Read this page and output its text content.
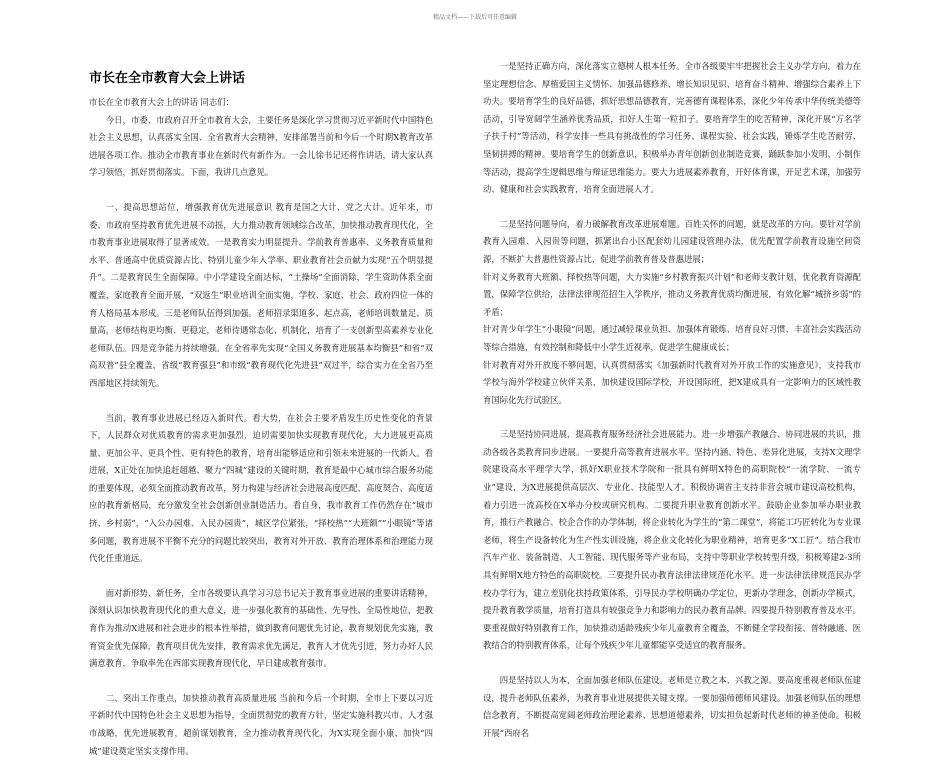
精品文档——下载后可任意编辑
市长在全市教育大会上讲话

市长在全市教育大会上的讲话 同志们：

今日，市委、市政府召开全市教育大会，主要任务是深化学习贯彻习近平新时代中国特色社会主义思想，认真落实全国、全省教育大会精神，安排部署当前和今后一个时期X教育改革进展各项工作。推动全市教育事业在新时代有新作为。一会儿徐书记还将作讲话，请大家认真学习领悟，抓好贯彻落实。下面，我讲几点意见。

一、提高思想站位，增强教育优先进展意识 教育是国之大计、党之大计。近年来，市委、市政府坚持教育优先进展不动摇，大力推动教育领域综合改革，加快推动教育现代化，全市教育事业进展取得了显著成效。一是教育实力明显提升。学前教育普惠率、义务教育质量和水平、普通高中优质资源占比、特别儿童少年入学率、职业教育社会贡献力实现“五个明显提升”。二是教育民生全面保障。中小学建设全面达标，“土操场”全面消除，学生资助体系全面覆盖，家庭教育全面开展，“双返生”职业培训全面实施，学校、家庭、社会、政府四位一体的育人格局基本形成。三是老师队伍得到加强。老师招录渠道多、起点高，老师培训数量足、质量高，老师结构更均衡、更稳定，老师待遇常态化、机制化，培育了一支创新型高素养专业化老师队伍。四是竞争能力持续增强。在全省率先实现“全国义务教育进展基本均衡县”和省“双高双普”县全覆盖，省级“教育强县”和市级“教育现代化先进县”双过半，综合实力在全省乃至西部地区持续领先。

当前，教育事业进展已经迈入新时代。看大势，在社会主要矛盾发生历史性变化的背景下，人民群众对优质教育的需求更加强烈，迫切需要加快实现教育现代化，大力进展更高质量、更加公平、更具个性、更有特色的教育，培育出能够适应和引领未来进展的一代新人。看进展，X正处在加快追赶超越、聚力“四城”建设的关键时期，教育是最中心城市综合服务功能的重要体现，必须全面推动教育改革，努力构建与经济社会进展高度匹配、高度契合、高度适应的教育新格局，充分激发全社会创新创业制造活力。看自身，我市教育工作仍然存在“城市挤、乡村弱”，“入公办园难、入民办园贵”，城区学位紧张，“择校热”“大班额”“小眼镜”等诸多问题，教育进展不平衡不充分的问题比较突出，教育对外开放、教育治理体系和治理能力现代化任重道远。

面对新形势、新任务，全市各级要认真学习习总书记关于教育事业进展的重要讲话精神，深刻认识加快教育现代化的重大意义，进一步强化教育的基础性、先导性、全局性地位，把教育作为推动X进展和社会进步的根本性举措，做到教育问题优先讨论，教育规划优先实施，教育资金优先保障，教育项目优先安排，教育需求优先满足，教育人才优先引进，努力办好人民满意教育，争取率先在西部实现教育现代化，早日建成教育强市。

二、突出工作重点，加快推动教育高质量进展 当前和今后一个时期，全市上下要以习近平新时代中国特色社会主义思想为指导，全面贯彻党的教育方针，坚定实施科教兴市、人才强市战略，优先进展教育，超前谋划教育，全力推动教育现代化，为X实现全面小康、加快“四城”建设奠定坚实支撑作用。

一是坚持正确方向，深化落实立德树人根本任务。全市各级要牢牢把握社会主义办学方向，着力在坚定理想信念、厚植爱国主义情怀、加强品德修养、增长知识见识、培育奋斗精神、增强综合素养上下功夫。要培育学生的良好品德，抓好思想品德教育，完善德育课程体系，深化少年传承中华传统美德等活动，引导宽阔学生涵养优秀品质，扣好人生第一粒扣子。要培育学生的吃苦精神，深化开展“万名学子扶千村”等活动，科学安排一些具有挑战性的学习任务、课程实验、社会实践，锤炼学生吃苦耐劳、坚韧拼搏的精神。要培育学生的创新意识，积极举办青年创新创业制造竞赛，踊跃参加小发明、小制作等活动，提高学生逻辑思维与辩证思维能力。要大力进展素养教育，开好体育课，开足艺术课，加强劳动、健康和社会实践教育，培育全面进展人才。

二是坚持问题导向，着力破解教育改革进展难题。百姓关怀的问题，就是改革的方向。要针对学前教育入园难、入园贵等问题，抓紧出台小区配套幼儿园建设管理办法，优先配置学前教育设施空间资源，不断扩大普惠性资源占比，促进学前教育普及普惠进展；

针对义务教育大班额、择校热等问题，大力实施“乡村教育振兴计划”和老师支教计划，优化教育资源配置，保障学位供给，法律法律规范招生入学秩序，推动义务教育优质均衡进展，有效化解“城挤乡弱”的矛盾；

针对青少年学生“小眼镜”问题，通过减轻课业负担、加强体育锻炼、培育良好习惯、丰富社会实践活动等综合措施，有效控制和降低中小学生近视率，促进学生健康成长；

针对教育对外开放度不够问题，认真贯彻落实《加强新时代教育对外开放工作的实施意见》，支持我市学校与海外学校建立伙伴关系，加快建设国际学校，开设国际班，把X建成具有一定影响力的区域性教育国际化先行试验区。

三是坚持协同进展，提高教育服务经济社会进展能力。进一步增强产教融合、协同进展的共识，推动各级各类教育同步进展。一要提升高等教育进展水平。坚持内涵、特色、差异化进展，支持X文理学院建设高水平理学大学，抓好X职业技术学院和一批具有鲜明X特色的高职院校“一流学院、一流专业”建设，为X进展提供高层次、专业化、技能型人才。积极协调省主支持非营会城市建设高校机构，着力引进一流高校在X举办分校或研究机构。二要提升职业教育创新水平。鼓励企业参加举办职业教育，推行产教融合、校企合作的办学体制，将企业转化为学生的“第二课堂”，将能工巧匠转化为专业课老师，将生产设备转化为生产性实训设施，将企业文化转化为职业精神，培育更多“X工匠”。结合我市汽车产业、装备制造、人工智能、现代服务等产业布局，支持中等职业学校转型升级，积极筹建2-3所具有鲜明X地方特色的高职院校。三要提升民办教育法律法律规范化水平。进一步法律法律规范民办学校办学行为，建立差别化扶持政策体系，引导民办学校明确办学定位，更新办学理念，创新办学模式，提升教育教学质量，培育打造具有较强竞争力和影响力的民办教育品牌。四要提升特别教育普及水平。要重视做好特别教育工作，加快推动适龄残疾少年儿童教育全覆盖，不断健全学段衔接、普特融通、医教结合的特别教育体系，让每个残疾少年儿童都能享受适宜的教育服务。

四是坚持以人为本，全面加强老师队伍建设。老师是立教之本、兴教之源。要高度重视老师队伍建设，提升老师队伍素养，为教育事业进展提供关键支撑。一要加强师德师风建设。加强老师队伍的理想信念教育，不断提高宽阔老师政治理论素养、思想道德素养，切实担负起新时代老师的神圣使命。积极开展“西府名
